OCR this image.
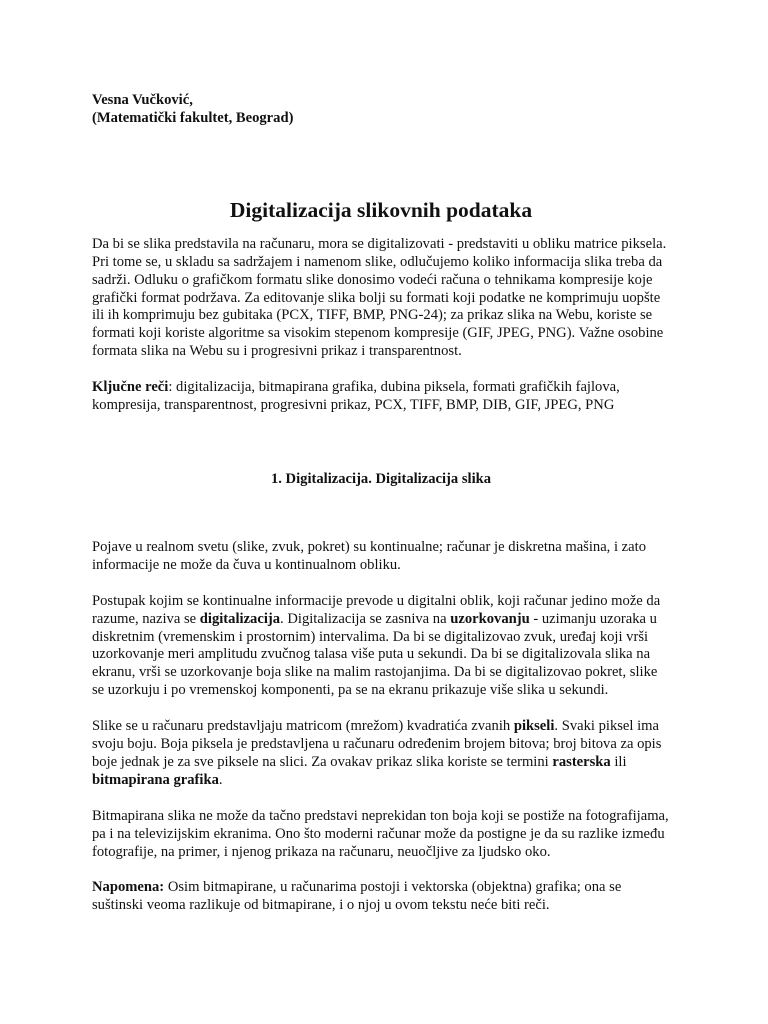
Vesna Vučković,
(Matematički fakultet, Beograd)
Digitalizacija slikovnih podataka

Da bi se slika predstavila na računaru, mora se digitalizovati - predstaviti u obliku matrice piksela. Pri tome se, u skladu sa sadržajem i namenom slike, odlučujemo koliko informacija slika treba da sadrži. Odluku o grafičkom formatu slike donosimo vodeći računa o tehnikama kompresije koje grafički format podržava. Za editovanje slika bolji su formati koji podatke ne komprimuju uopšte ili ih komprimuju bez gubitaka (PCX, TIFF, BMP, PNG-24); za prikaz slika na Webu, koriste se formati koji koriste algoritme sa visokim stepenom kompresije (GIF, JPEG, PNG). Važne osobine formata slika na Webu su i progresivni prikaz i transparentnost.

Ključne reči: digitalizacija, bitmapirana grafika, dubina piksela, formati grafičkih fajlova, kompresija, transparentnost, progresivni prikaz, PCX, TIFF, BMP, DIB, GIF, JPEG, PNG

1. Digitalizacija. Digitalizacija slika

Pojave u realnom svetu (slike, zvuk, pokret) su kontinualne; računar je diskretna mašina, i zato informacije ne može da čuva u kontinualnom obliku.

Postupak kojim se kontinualne informacije prevode u digitalni oblik, koji računar jedino može da razume, naziva se digitalizacija. Digitalizacija se zasniva na uzorkovanju - uzimanju uzoraka u diskretnim (vremenskim i prostornim) intervalima. Da bi se digitalizovao zvuk, uređaj koji vrši uzorkovanje meri amplitudu zvučnog talasa više puta u sekundi. Da bi se digitalizovala slika na ekranu, vrši se uzorkovanje boja slike na malim rastojanjima. Da bi se digitalizovao pokret, slike se uzorkuju i po vremenskoj komponenti, pa se na ekranu prikazuje više slika u sekundi.

Slike se u računaru predstavljaju matricom (mrežom) kvadratića zvanih pikseli. Svaki piksel ima svoju boju. Boja piksela je predstavljena u računaru određenim brojem bitova; broj bitova za opis boje jednak je za sve piksele na slici. Za ovakav prikaz slika koriste se termini rasterska ili bitmapirana grafika.

Bitmapirana slika ne može da tačno predstavi neprekidan ton boja koji se postiže na fotografijama, pa i na televizijskim ekranima. Ono što moderni računar može da postigne je da su razlike između fotografije, na primer, i njenog prikaza na računaru, neuočljive za ljudsko oko.

Napomena: Osim bitmapirane, u računarima postoji i vektorska (objektna) grafika; ona se suštinski veoma razlikuje od bitmapirane, i o njoj u ovom tekstu neće biti reči.
